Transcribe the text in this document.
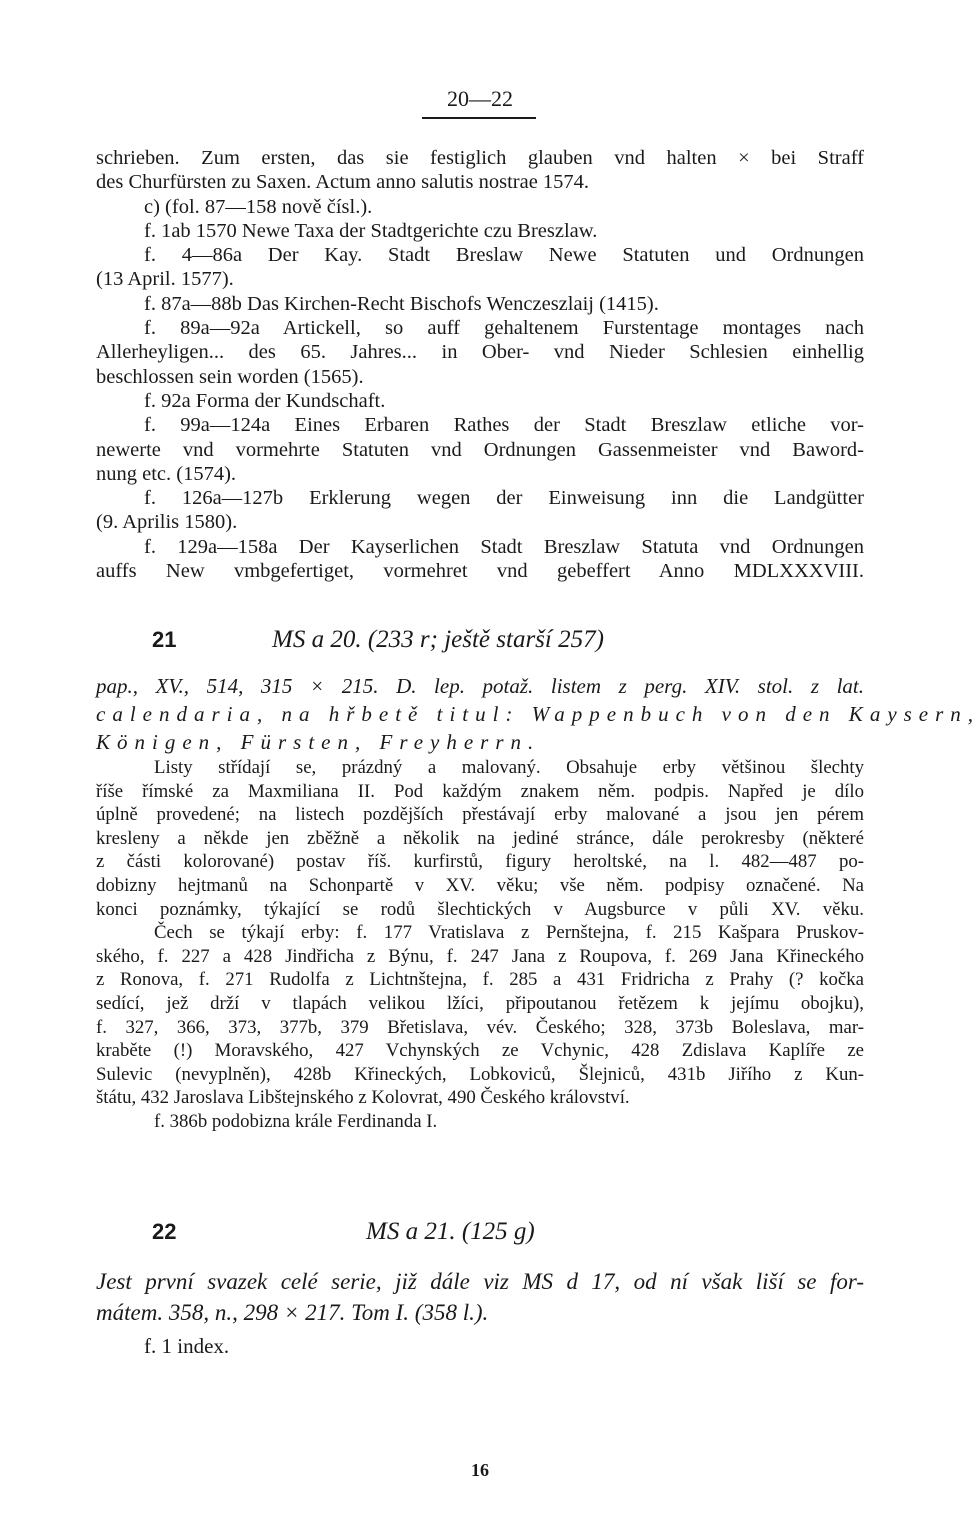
20—22
schrieben. Zum ersten, das sie festiglich glauben vnd halten × bei Straff
des Churfürsten zu Saxen. Actum anno salutis nostrae 1574.
c) (fol. 87—158 nově čísl.).
f. 1ab 1570 Newe Taxa der Stadtgerichte czu Breszlaw.
f. 4—86a Der Kay. Stadt Breslaw Newe Statuten und Ordnungen
(13 April. 1577).
f. 87a—88b Das Kirchen-Recht Bischofs Wenczeszlaij (1415).
f. 89a—92a Artickell, so auff gehaltenem Furstentage montages nach
Allerheyligen... des 65. Jahres... in Ober- vnd Nieder Schlesien einhellig
beschlossen sein worden (1565).
f. 92a Forma der Kundschaft.
f. 99a—124a Eines Erbaren Rathes der Stadt Breszlaw etliche vor-
newerte vnd vormehrte Statuten vnd Ordnungen Gassenmeister vnd Baword-
nung etc. (1574).
f. 126a—127b Erklerung wegen der Einweisung inn die Landgütter
(9. Aprilis 1580).
f. 129a—158a Der Kayserlichen Stadt Breszlaw Statuta vnd Ordnungen
auffs New vmbgefertiget, vormehret vnd gebeffert Anno MDLXXXVIII.
21	MS a 20. (233 r; ještě starší 257)
pap., XV., 514, 315 × 215. D. lep. potaž. listem z perg. XIV. stol. z lat.
calendaria, na hřbetě titul: Wappenbuch von den Kaysern,
Königen, Fürsten, Freyherrn.
Listy střídají se, prázdný a malovaný. Obsahuje erby většinou šlechty
říše římské za Maxmiliana II. Pod každým znakem něm. podpis. Napřed je dílo
úplně provedené; na listech pozdějších přestávají erby malované a jsou jen pérem
kresleny a někde jen zběžně a několik na jediné stránce, dále perokresby (některé
z části kolorované) postav říš. kurfirstů, figury heroltské, na l. 482—487 po-
dobizny hejtmanů na Schonpartě v XV. věku; vše něm. podpisy označené. Na
konci poznámky, týkající se rodů šlechtických v Augsburce v půli XV. věku.
Čech se týkají erby: f. 177 Vratislava z Pernštejna, f. 215 Kašpara Pruskov-
ského, f. 227 a 428 Jindřicha z Býnu, f. 247 Jana z Roupova, f. 269 Jana Křineckého
z Ronova, f. 271 Rudolfa z Lichtnštejna, f. 285 a 431 Fridricha z Prahy (? kočka
sedící, jež drží v tlapách velikou lžíci, připoutanou řetězem k jejímu obojku),
f. 327, 366, 373, 377b, 379 Břetislava, vév. Českého; 328, 373b Boleslava, mar-
kraběte (!) Moravského, 427 Vchynských ze Vchynic, 428 Zdislava Kaplíře ze
Sulevic (nevyplněn), 428b Křineckých, Lobkoviců, Šlejniců, 431b Jiřího z Kun-
štátu, 432 Jaroslava Libštejnského z Kolovrat, 490 Českého království.
f. 386b podobizna krále Ferdinanda I.
22	MS a 21. (125 g)
Jest první svazek celé serie, již dále viz MS d 17, od ní však liší se for-
mátem. 358, n., 298 × 217. Tom I. (358 l.).
f. 1 index.
16
